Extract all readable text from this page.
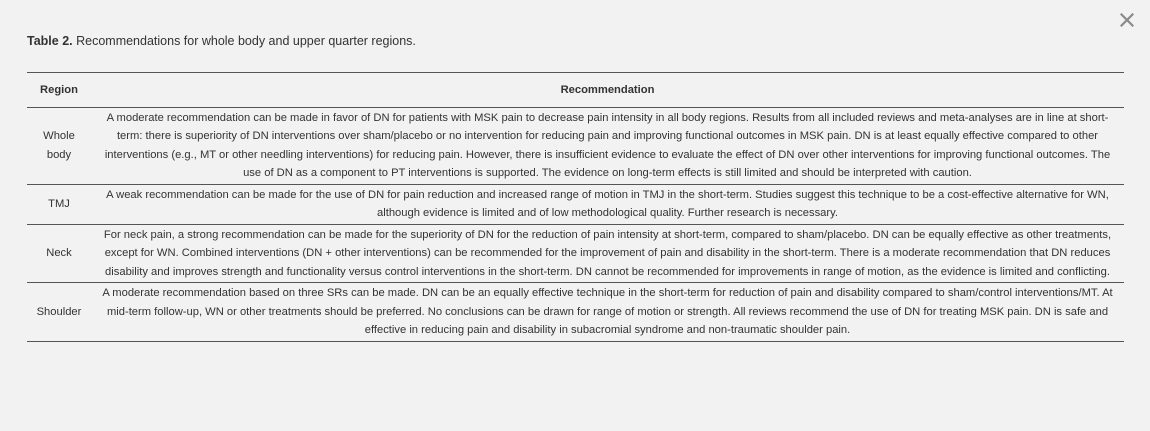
Table 2. Recommendations for whole body and upper quarter regions.
Region	Recommendation
Whole body	A moderate recommendation can be made in favor of DN for patients with MSK pain to decrease pain intensity in all body regions. Results from all included reviews and meta-analyses are in line at short-term: there is superiority of DN interventions over sham/placebo or no intervention for reducing pain and improving functional outcomes in MSK pain. DN is at least equally effective compared to other interventions (e.g., MT or other needling interventions) for reducing pain. However, there is insufficient evidence to evaluate the effect of DN over other interventions for improving functional outcomes. The use of DN as a component to PT interventions is supported. The evidence on long-term effects is still limited and should be interpreted with caution.
TMJ	A weak recommendation can be made for the use of DN for pain reduction and increased range of motion in TMJ in the short-term. Studies suggest this technique to be a cost-effective alternative for WN, although evidence is limited and of low methodological quality. Further research is necessary.
Neck	For neck pain, a strong recommendation can be made for the superiority of DN for the reduction of pain intensity at short-term, compared to sham/placebo. DN can be equally effective as other treatments, except for WN. Combined interventions (DN + other interventions) can be recommended for the improvement of pain and disability in the short-term. There is a moderate recommendation that DN reduces disability and improves strength and functionality versus control interventions in the short-term. DN cannot be recommended for improvements in range of motion, as the evidence is limited and conflicting.
Shoulder	A moderate recommendation based on three SRs can be made. DN can be an equally effective technique in the short-term for reduction of pain and disability compared to sham/control interventions/MT. At mid-term follow-up, WN or other treatments should be preferred. No conclusions can be drawn for range of motion or strength. All reviews recommend the use of DN for treating MSK pain. DN is safe and effective in reducing pain and disability in subacromial syndrome and non-traumatic shoulder pain.
